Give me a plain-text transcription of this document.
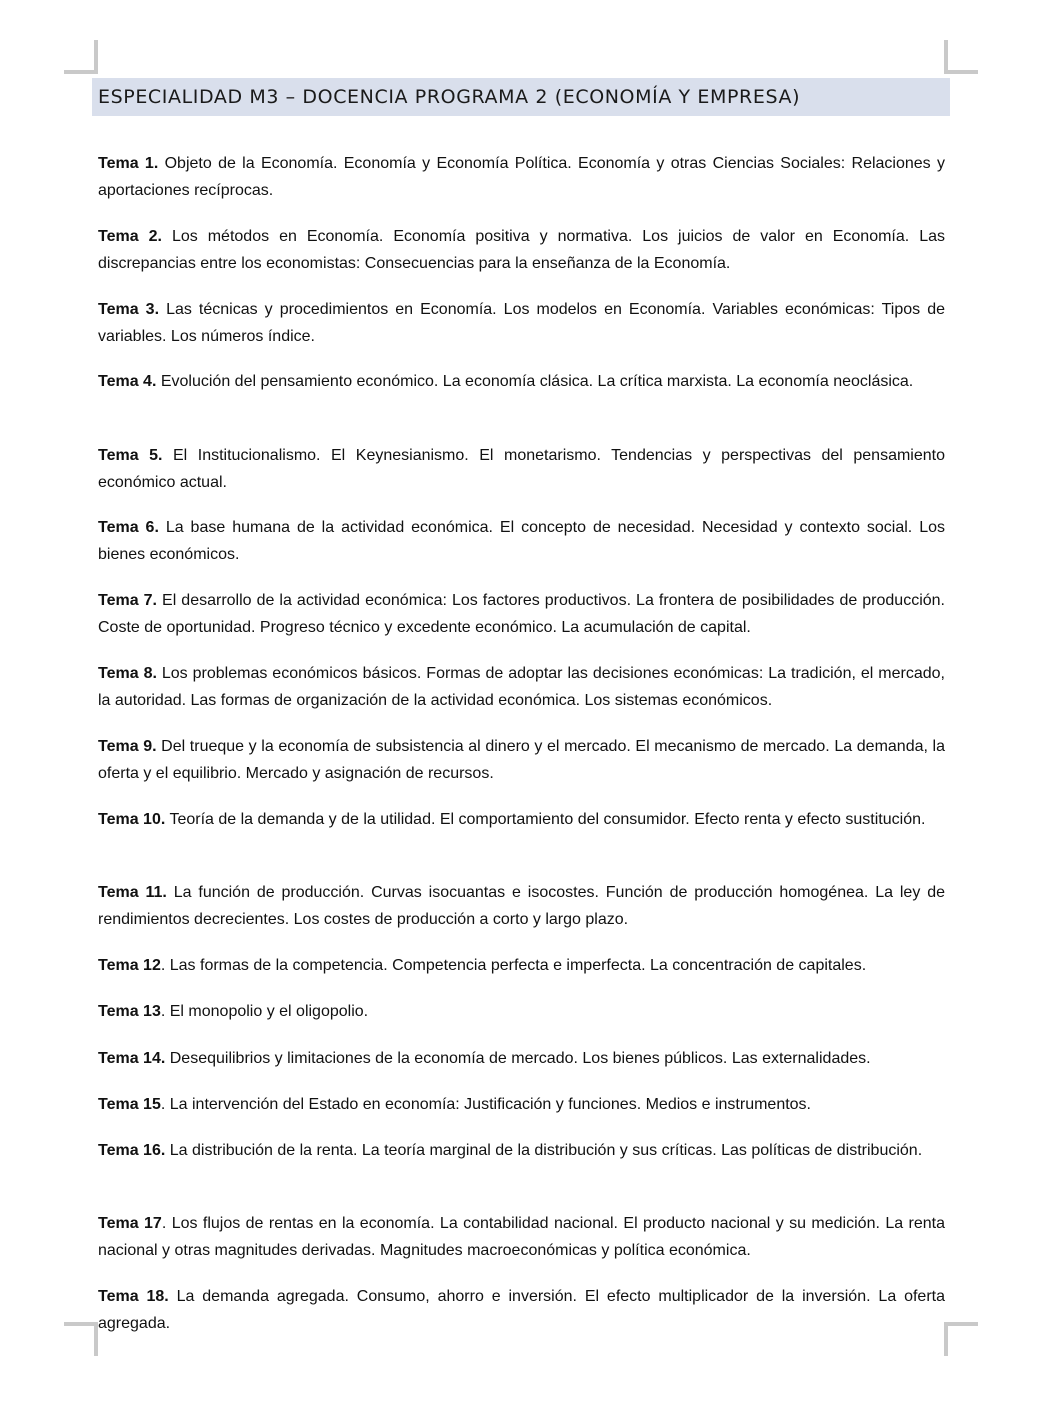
ESPECIALIDAD M3 – DOCENCIA PROGRAMA 2 (ECONOMÍA Y EMPRESA)

Tema 1. Objeto de la Economía. Economía y Economía Política. Economía y otras Ciencias Sociales: Relaciones y aportaciones recíprocas.

Tema 2. Los métodos en Economía. Economía positiva y normativa. Los juicios de valor en Economía. Las discrepancias entre los economistas: Consecuencias para la enseñanza de la Economía.

Tema 3. Las técnicas y procedimientos en Economía. Los modelos en Economía. Variables económicas: Tipos de variables. Los números índice.

Tema 4. Evolución del pensamiento económico. La economía clásica. La crítica marxista. La economía neoclásica.

Tema 5. El Institucionalismo. El Keynesianismo. El monetarismo. Tendencias y perspectivas del pensamiento económico actual.

Tema 6. La base humana de la actividad económica. El concepto de necesidad. Necesidad y contexto social. Los bienes económicos.

Tema 7. El desarrollo de la actividad económica: Los factores productivos. La frontera de posibilidades de producción. Coste de oportunidad. Progreso técnico y excedente económico. La acumulación de capital.

Tema 8. Los problemas económicos básicos. Formas de adoptar las decisiones económicas: La tradición, el mercado, la autoridad. Las formas de organización de la actividad económica. Los sistemas económicos.

Tema 9. Del trueque y la economía de subsistencia al dinero y el mercado. El mecanismo de mercado. La demanda, la oferta y el equilibrio. Mercado y asignación de recursos.

Tema 10. Teoría de la demanda y de la utilidad. El comportamiento del consumidor. Efecto renta y efecto sustitución.

Tema 11. La función de producción. Curvas isocuantas e isocostes. Función de producción homogénea. La ley de rendimientos decrecientes. Los costes de producción a corto y largo plazo.

Tema 12. Las formas de la competencia. Competencia perfecta e imperfecta. La concentración de capitales.

Tema 13. El monopolio y el oligopolio.

Tema 14. Desequilibrios y limitaciones de la economía de mercado. Los bienes públicos. Las externalidades.

Tema 15. La intervención del Estado en economía: Justificación y funciones. Medios e instrumentos.

Tema 16. La distribución de la renta. La teoría marginal de la distribución y sus críticas. Las políticas de distribución.

Tema 17. Los flujos de rentas en la economía. La contabilidad nacional. El producto nacional y su medición. La renta nacional y otras magnitudes derivadas. Magnitudes macroeconómicas y política económica.

Tema 18. La demanda agregada. Consumo, ahorro e inversión. El efecto multiplicador de la inversión. La oferta agregada.
